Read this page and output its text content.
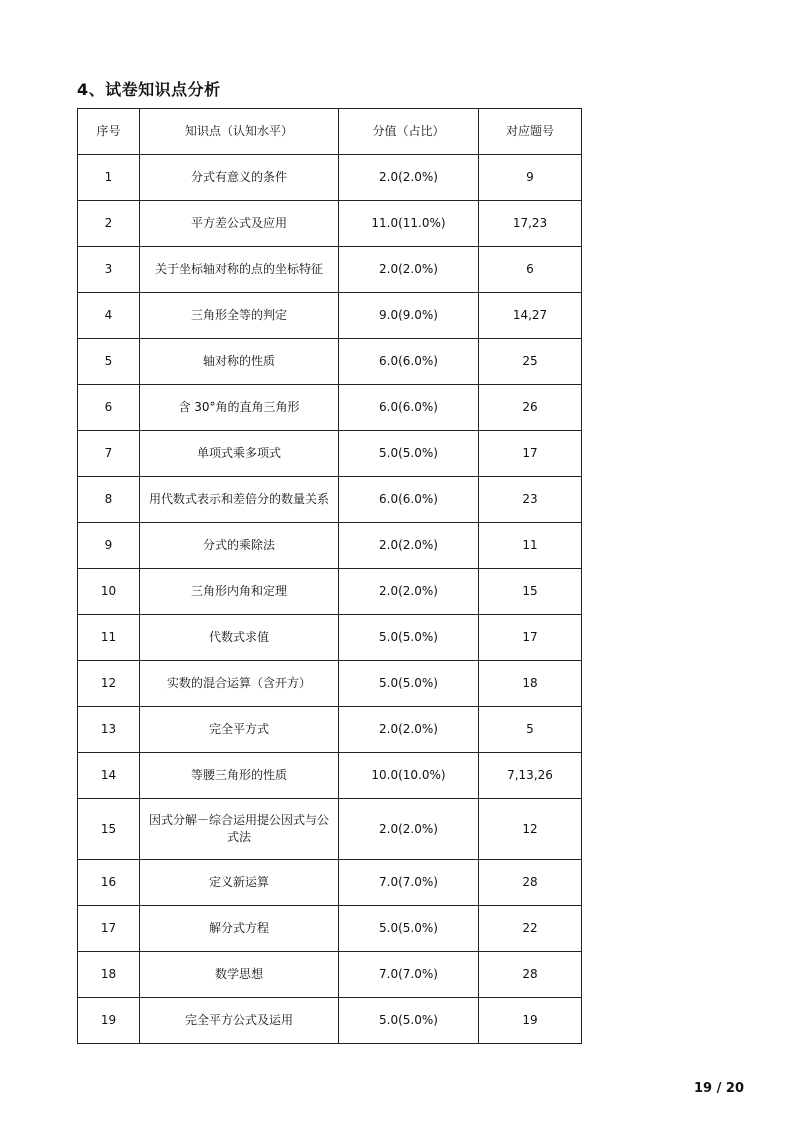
4、试卷知识点分析
序号	知识点（认知水平）	分值（占比）	对应题号
1	分式有意义的条件	2.0(2.0%)	9
2	平方差公式及应用	11.0(11.0%)	17,23
3	关于坐标轴对称的点的坐标特征	2.0(2.0%)	6
4	三角形全等的判定	9.0(9.0%)	14,27
5	轴对称的性质	6.0(6.0%)	25
6	含 30°角的直角三角形	6.0(6.0%)	26
7	单项式乘多项式	5.0(5.0%)	17
8	用代数式表示和差倍分的数量关系	6.0(6.0%)	23
9	分式的乘除法	2.0(2.0%)	11
10	三角形内角和定理	2.0(2.0%)	15
11	代数式求值	5.0(5.0%)	17
12	实数的混合运算（含开方）	5.0(5.0%)	18
13	完全平方式	2.0(2.0%)	5
14	等腰三角形的性质	10.0(10.0%)	7,13,26
15	因式分解－综合运用提公因式与公式法	2.0(2.0%)	12
16	定义新运算	7.0(7.0%)	28
17	解分式方程	5.0(5.0%)	22
18	数学思想	7.0(7.0%)	28
19	完全平方公式及运用	5.0(5.0%)	19
19 / 20
